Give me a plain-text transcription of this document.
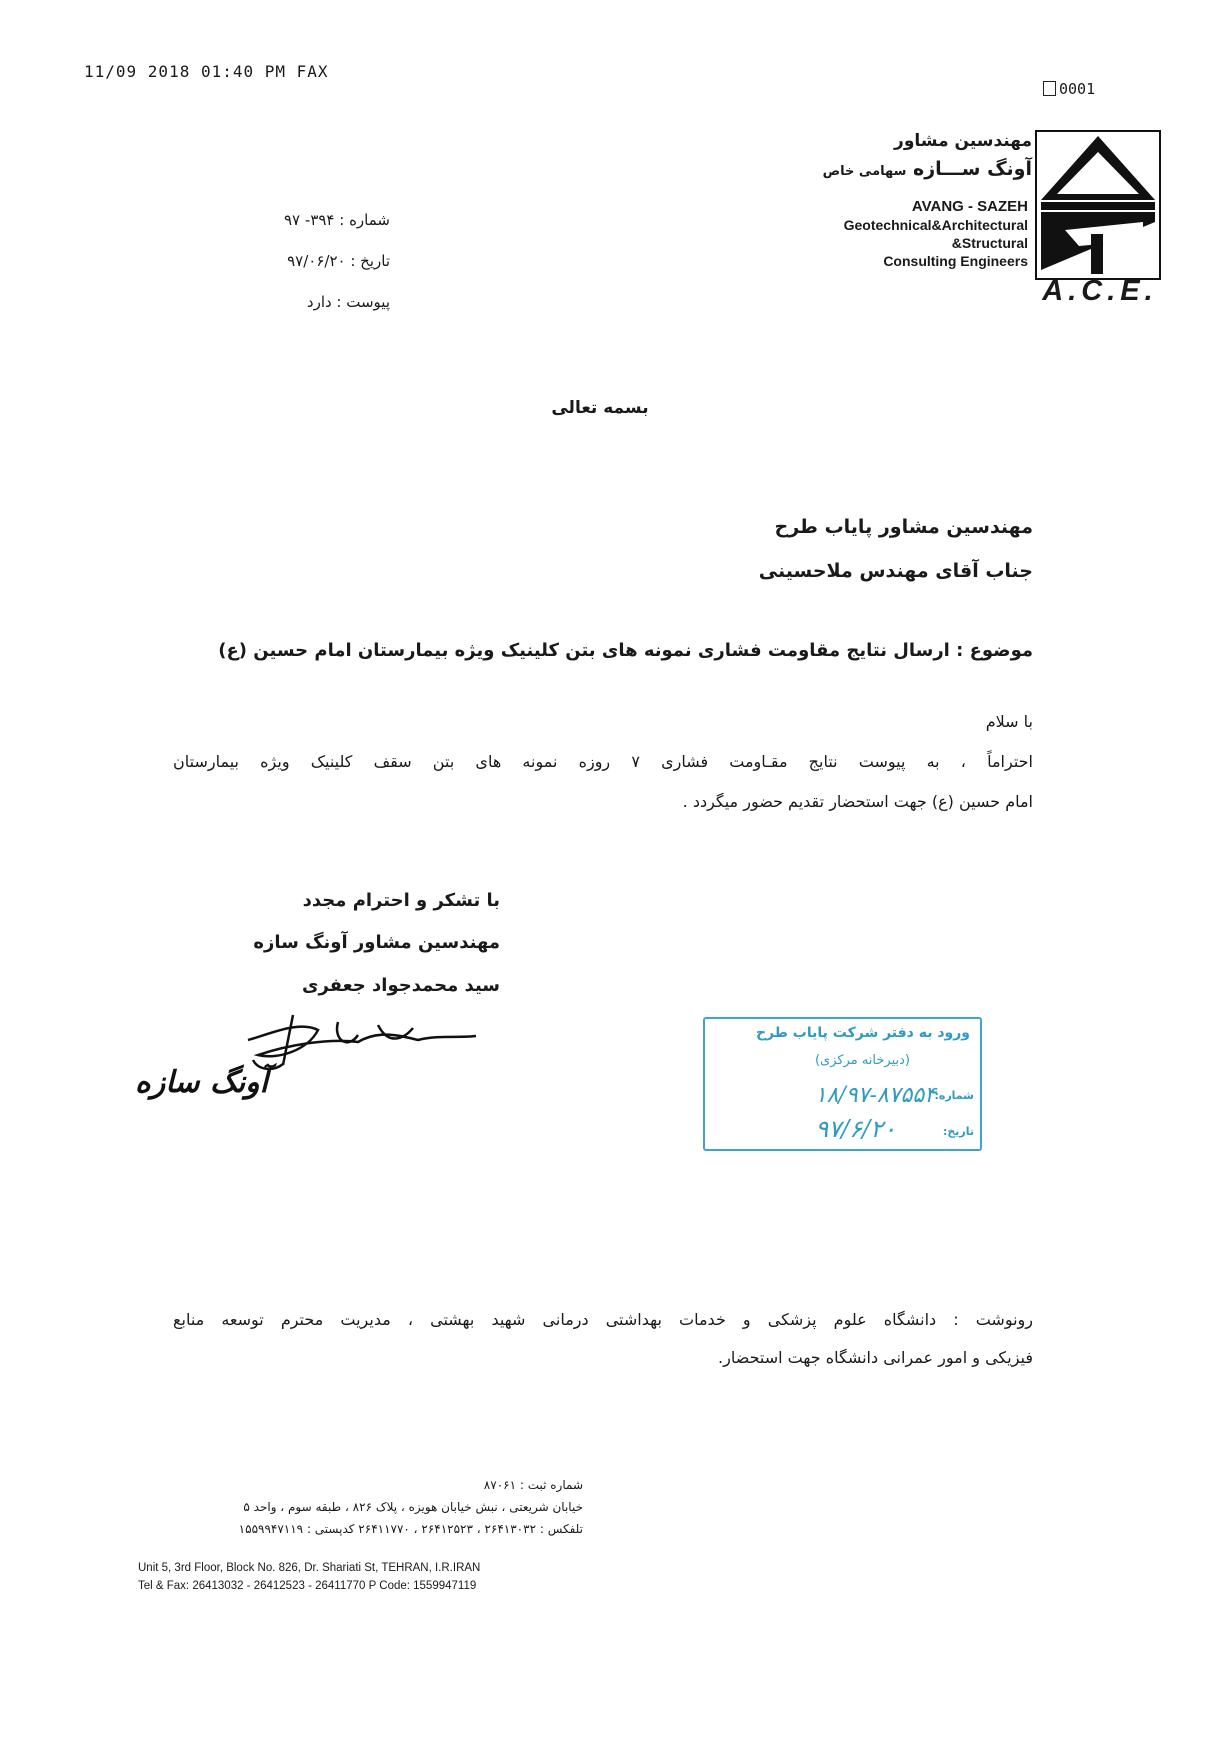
11/09 2018 01:40 PM FAX
0001
A.C.E.
مهندسین مشاور
آونگ ســـازه سهامی خاص
AVANG - SAZEH
Geotechnical&Architectural
&Structural
Consulting Engineers
شماره : ۳۹۴- ۹۷
تاریخ : ۹۷/۰۶/۲۰
پیوست : دارد
بسمه تعالی
مهندسین مشاور پایاب طرح
جناب آقای مهندس ملاحسینی
موضوع : ارسال نتایج مقاومت فشاری نمونه های بتن کلینیک ویژه بیمارستان امام حسین (ع)
با سلام
احتراماً ، به پیوست نتایج مقـاومت فشاری ۷ روزه نمونه های بتن سقف کلینیک ویژه بیمارستان
امام حسین (ع) جهت استحضار تقدیم حضور میگردد .
با تشکر و احترام مجدد
مهندسین مشاور آونگ سازه
سید محمدجواد جعفری
آونگ سازه
ورود به دفتر شرکت پایاب طرح
(دبیرخانه مرکزی)
شماره:
۱۸/۹۷-۸۷۵۵۴
تاریخ:
۹۷/۶/۲۰
رونوشت : دانشگاه علوم پزشکی و خدمات بهداشتی درمانی شهید بهشتی ، مدیریت محترم توسعه منابع
فیزیکی و امور عمرانی دانشگاه جهت استحضار.
شماره ثبت : ۸۷۰۶۱
خیابان شریعتی ، نبش خیابان هویزه ، پلاک ۸۲۶ ، طبقه سوم ، واحد ۵
تلفکس : ۲۶۴۱۳۰۳۲ ، ۲۶۴۱۲۵۲۳ ، ۲۶۴۱۱۷۷۰ کدپستی : ۱۵۵۹۹۴۷۱۱۹
Unit 5, 3rd Floor, Block No. 826, Dr. Shariati St, TEHRAN, I.R.IRAN
Tel & Fax: 26413032 - 26412523 - 26411770 P Code: 1559947119
